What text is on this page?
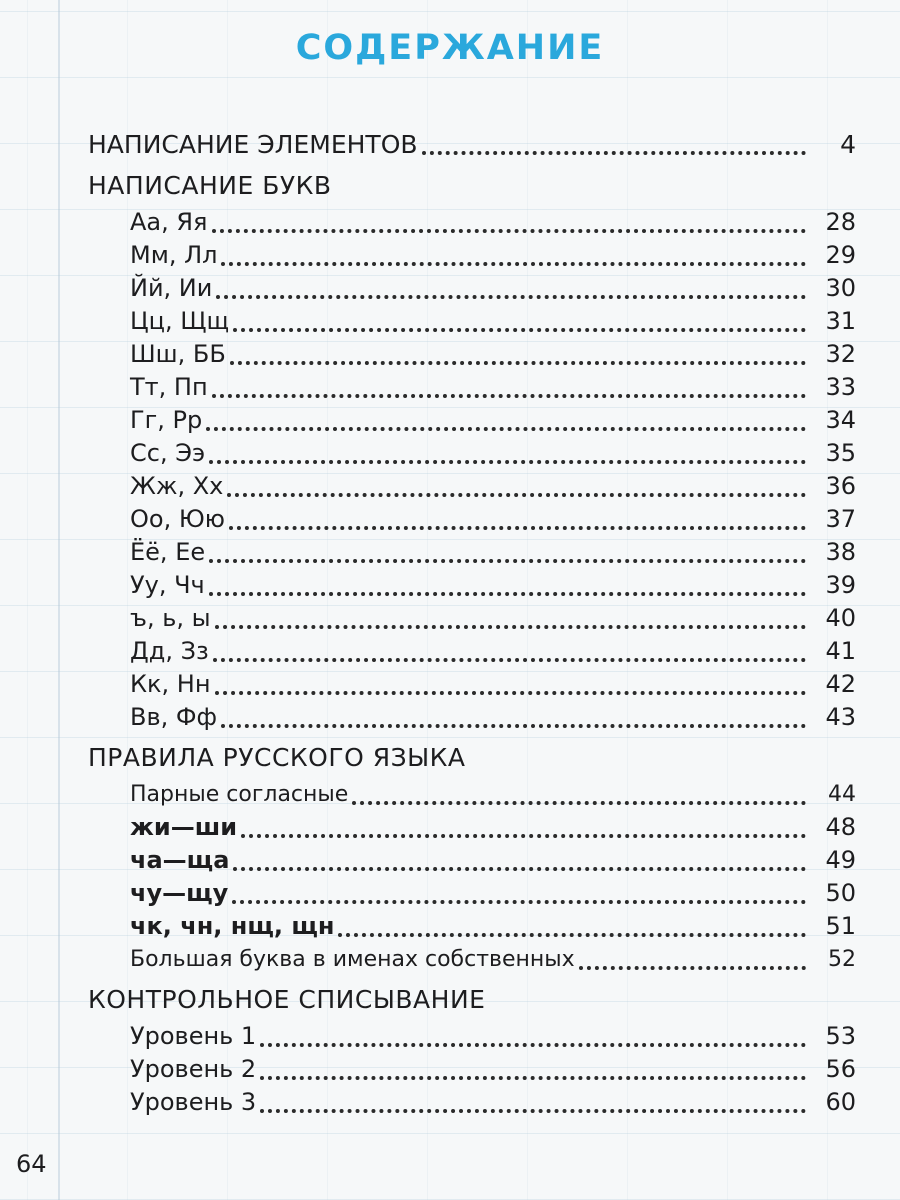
СОДЕРЖАНИЕ
НАПИСАНИЕ ЭЛЕМЕНТОВ	4
НАПИСАНИЕ БУКВ
Аа, Яя	28
Мм, Лл	29
Йй, Ии	30
Цц, Щщ	31
Шш, ББ	32
Тт, Пп	33
Гг, Рр	34
Сс, Ээ	35
Жж, Хх	36
Оо, Юю	37
Ёё, Ее	38
Уу, Чч	39
ъ, ь, ы	40
Дд, Зз	41
Кк, Нн	42
Вв, Фф	43
ПРАВИЛА РУССКОГО ЯЗЫКА
Парные согласные	44
жи—ши	48
ча—ща	49
чу—щу	50
чк, чн, нщ, щн	51
Большая буква в именах собственных	52
КОНТРОЛЬНОЕ СПИСЫВАНИЕ
Уровень 1	53
Уровень 2	56
Уровень 3	60
64
